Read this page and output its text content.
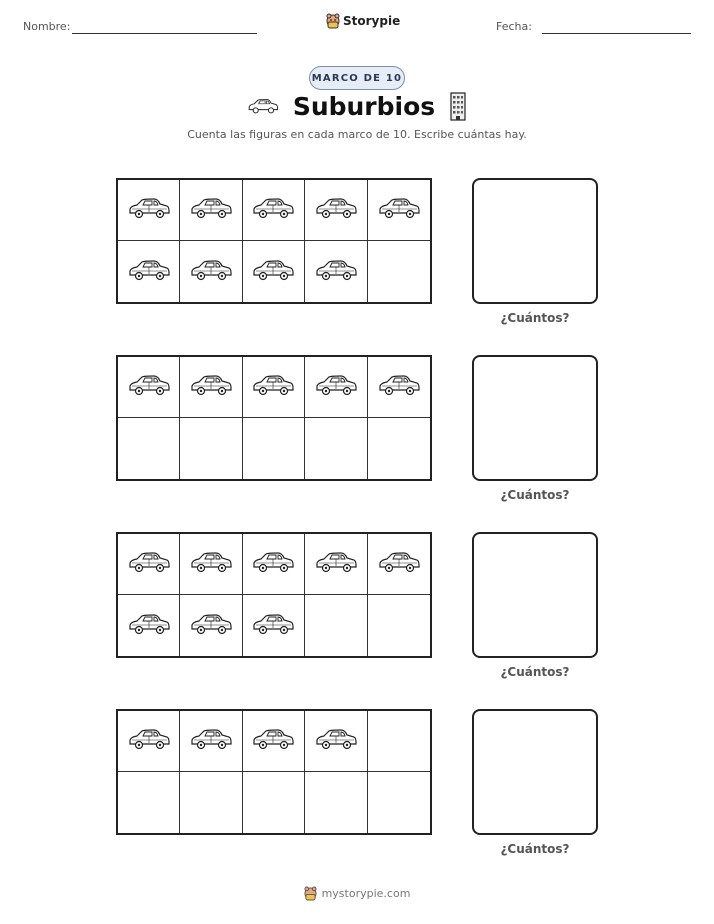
Nombre:	Storypie	Fecha:
MARCO DE 10
Suburbios
Cuenta las figuras en cada marco de 10. Escribe cuántas hay.
¿Cuántos?
¿Cuántos?
¿Cuántos?
¿Cuántos?
mystorypie.com
